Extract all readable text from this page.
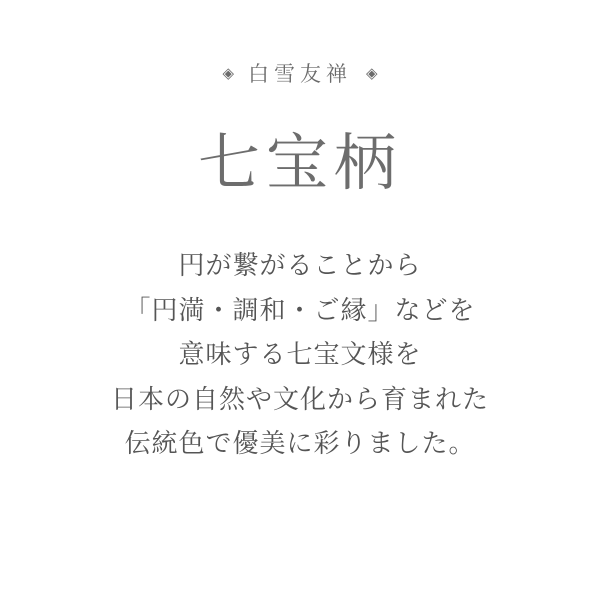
◈ 白雪友禅 ◈
七宝柄
円が繋がることから
「円満・調和・ご縁」などを
意味する七宝文様を
日本の自然や文化から育まれた
伝統色で優美に彩りました。
